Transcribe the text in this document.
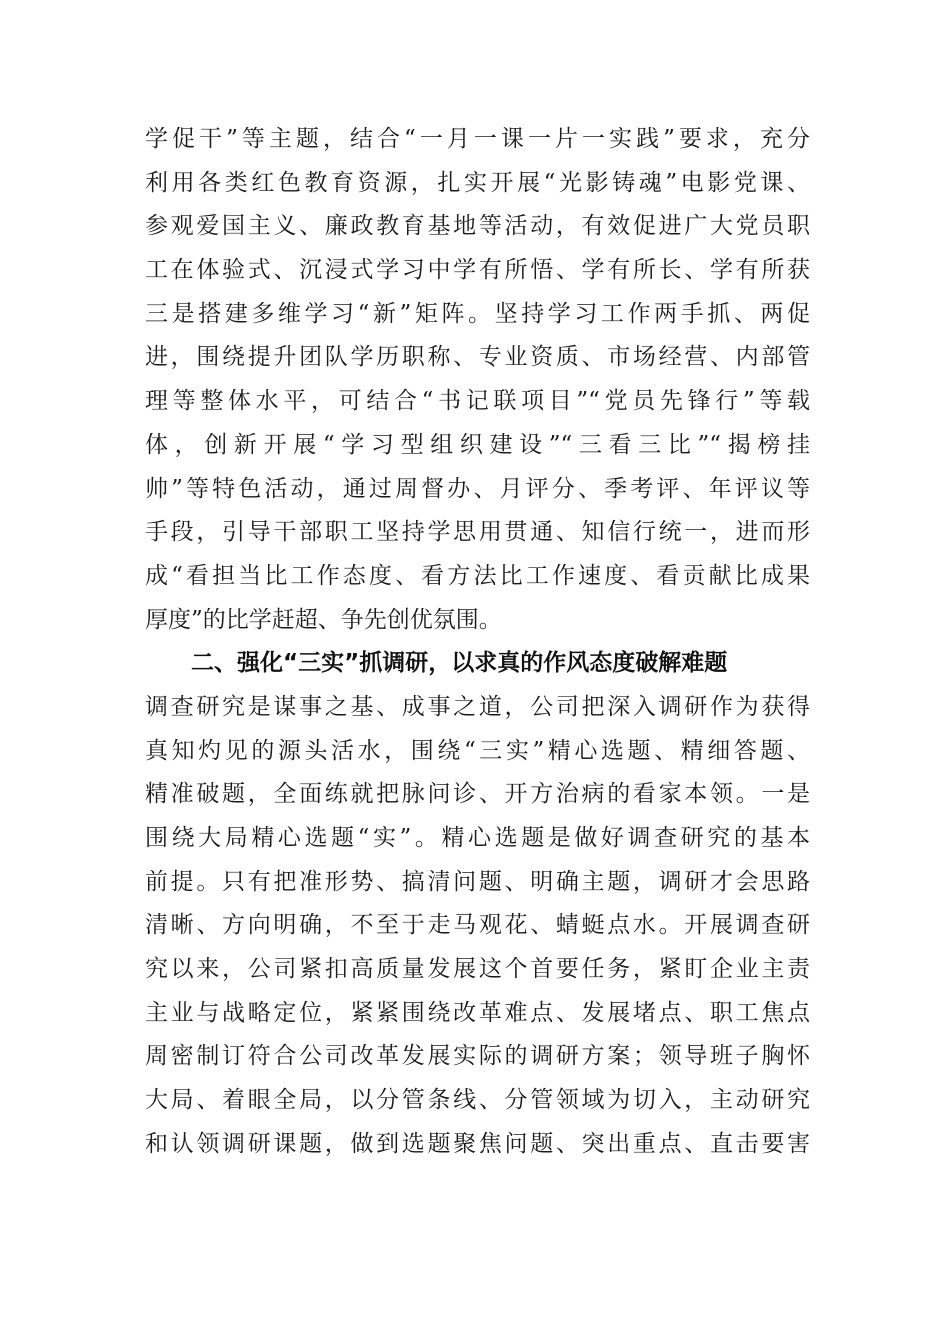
学促干”等主题，结合“一月一课一片一实践”要求，充分
利用各类红色教育资源，扎实开展“光影铸魂”电影党课、
参观爱国主义、廉政教育基地等活动，有效促进广大党员职
工在体验式、沉浸式学习中学有所悟、学有所长、学有所获
三是搭建多维学习“新”矩阵。坚持学习工作两手抓、两促
进，围绕提升团队学历职称、专业资质、市场经营、内部管
理等整体水平，可结合“书记联项目”“党员先锋行”等载
体，创新开展“学习型组织建设”“三看三比”“揭榜挂
帅”等特色活动，通过周督办、月评分、季考评、年评议等
手段，引导干部职工坚持学思用贯通、知信行统一，进而形
成“看担当比工作态度、看方法比工作速度、看贡献比成果
厚度”的比学赶超、争先创优氛围。
二、强化“三实”抓调研，以求真的作风态度破解难题
调查研究是谋事之基、成事之道，公司把深入调研作为获得
真知灼见的源头活水，围绕“三实”精心选题、精细答题、
精准破题，全面练就把脉问诊、开方治病的看家本领。一是
围绕大局精心选题“实”。精心选题是做好调查研究的基本
前提。只有把准形势、搞清问题、明确主题，调研才会思路
清晰、方向明确，不至于走马观花、蜻蜓点水。开展调查研
究以来，公司紧扣高质量发展这个首要任务，紧盯企业主责
主业与战略定位，紧紧围绕改革难点、发展堵点、职工焦点
周密制订符合公司改革发展实际的调研方案；领导班子胸怀
大局、着眼全局，以分管条线、分管领域为切入，主动研究
和认领调研课题，做到选题聚焦问题、突出重点、直击要害
